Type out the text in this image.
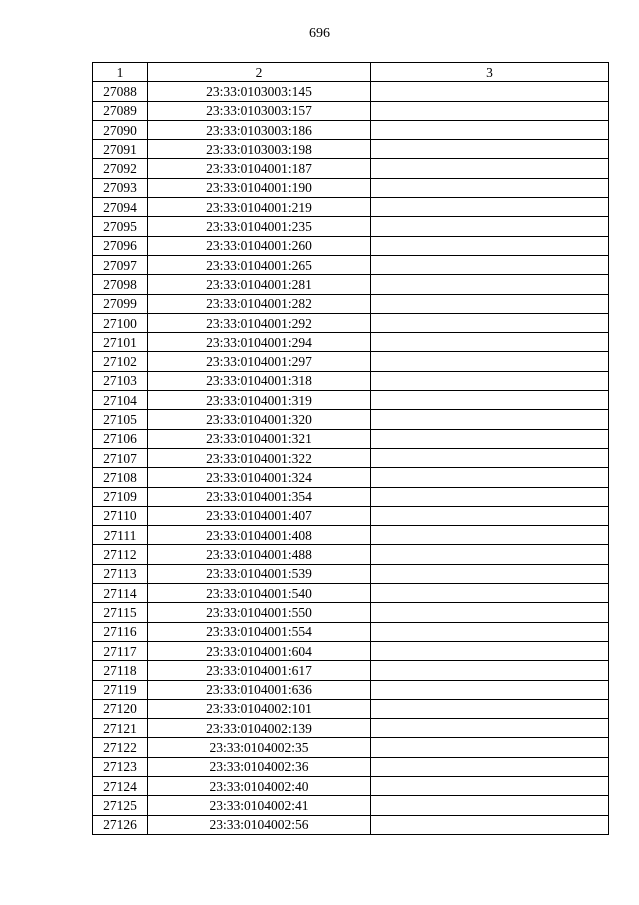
696
1	2	3
27088	23:33:0103003:145	
27089	23:33:0103003:157	
27090	23:33:0103003:186	
27091	23:33:0103003:198	
27092	23:33:0104001:187	
27093	23:33:0104001:190	
27094	23:33:0104001:219	
27095	23:33:0104001:235	
27096	23:33:0104001:260	
27097	23:33:0104001:265	
27098	23:33:0104001:281	
27099	23:33:0104001:282	
27100	23:33:0104001:292	
27101	23:33:0104001:294	
27102	23:33:0104001:297	
27103	23:33:0104001:318	
27104	23:33:0104001:319	
27105	23:33:0104001:320	
27106	23:33:0104001:321	
27107	23:33:0104001:322	
27108	23:33:0104001:324	
27109	23:33:0104001:354	
27110	23:33:0104001:407	
27111	23:33:0104001:408	
27112	23:33:0104001:488	
27113	23:33:0104001:539	
27114	23:33:0104001:540	
27115	23:33:0104001:550	
27116	23:33:0104001:554	
27117	23:33:0104001:604	
27118	23:33:0104001:617	
27119	23:33:0104001:636	
27120	23:33:0104002:101	
27121	23:33:0104002:139	
27122	23:33:0104002:35	
27123	23:33:0104002:36	
27124	23:33:0104002:40	
27125	23:33:0104002:41	
27126	23:33:0104002:56	
